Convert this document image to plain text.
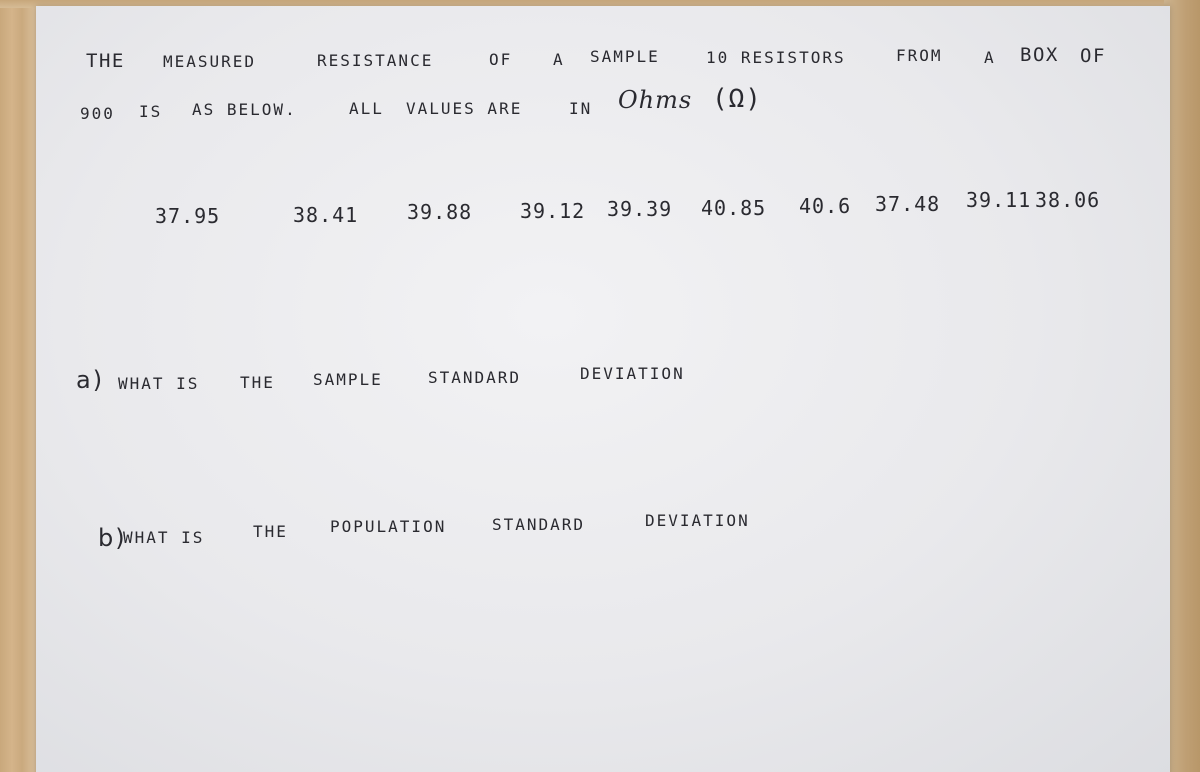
THE MEASURED	RESISTANCE	OF	A SAMPLE	10 RESISTORS	FROM	A BOX OF
900 IS AS BELOW.	ALL VALUES ARE	IN Ohms (Ω)
37.95	38.41 39.88 39.12 39.39 40.85 40.6 37.48 39.11 38.06
a) WHAT IS	THE SAMPLE	STANDARD	DEVIATION
b)
WHAT IS	THE	POPULATION	STANDARD	DEVIATION
